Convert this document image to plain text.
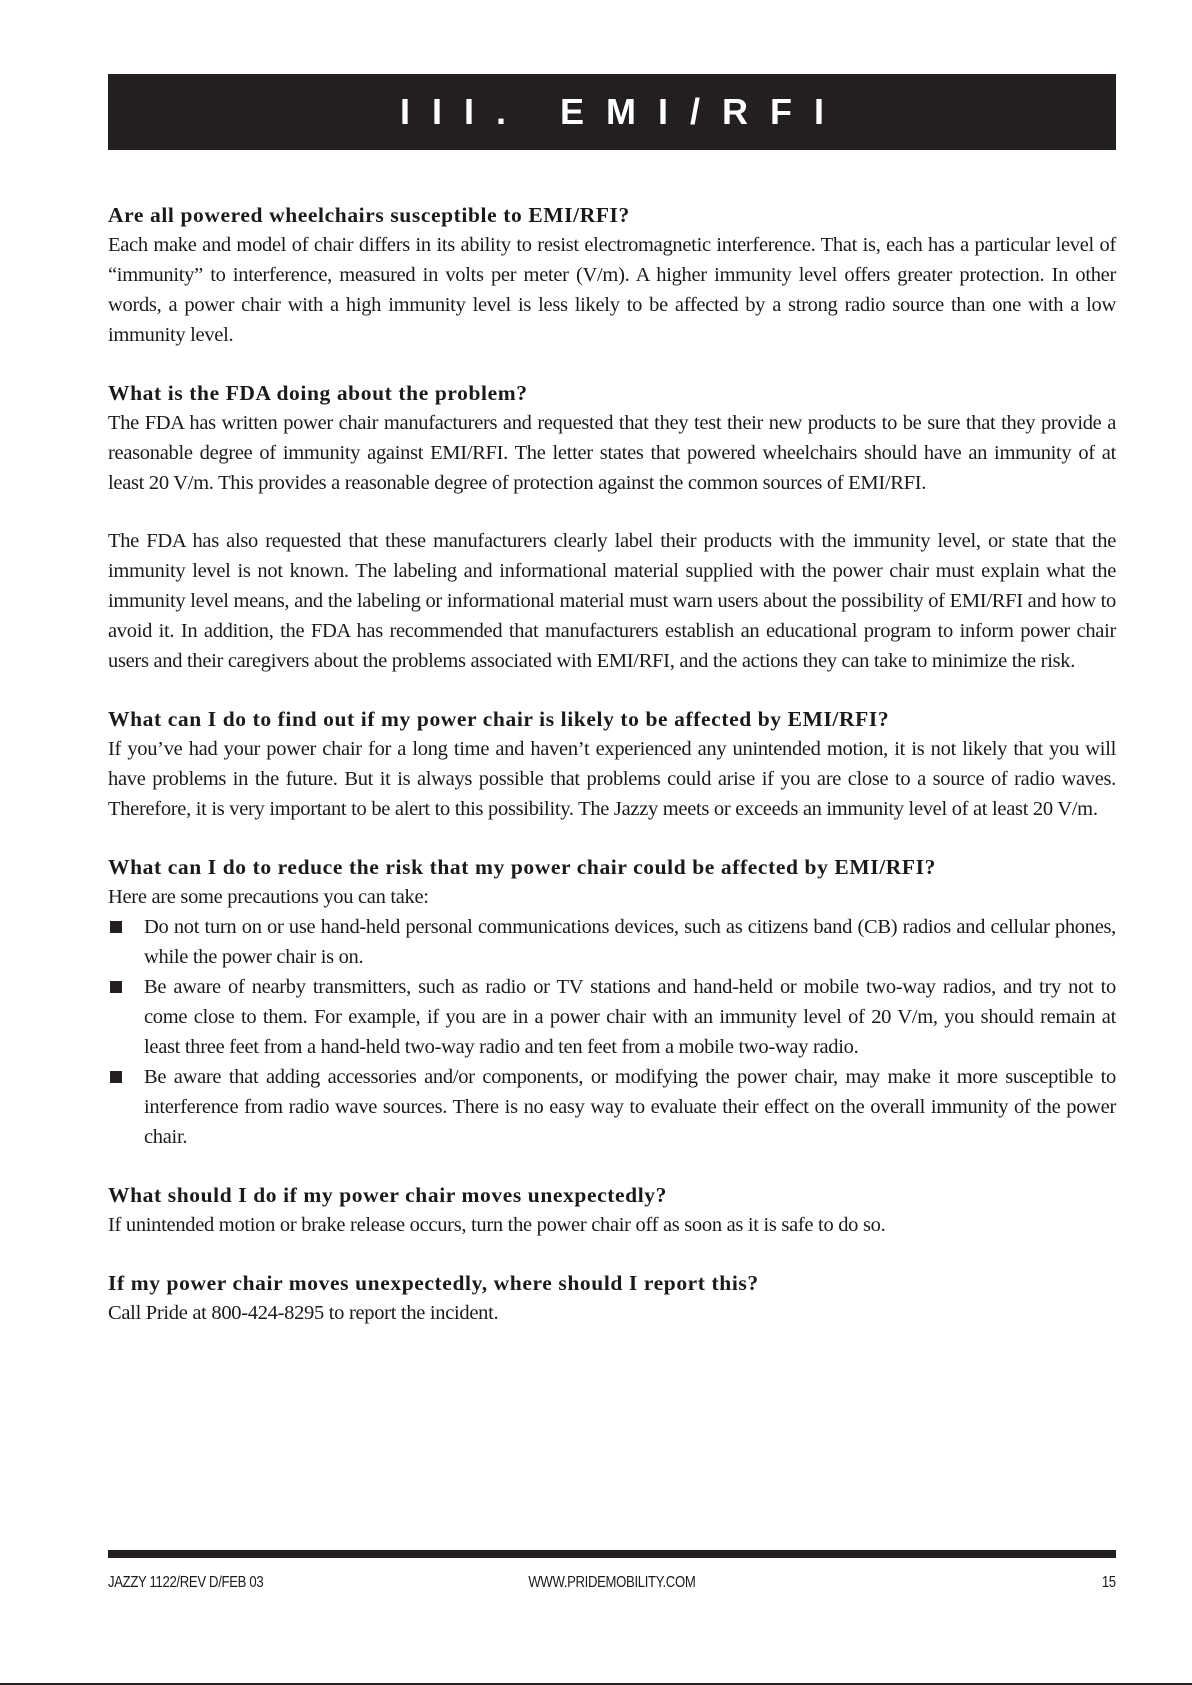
III. EMI/RFI

Are all powered wheelchairs susceptible to EMI/RFI?

Each make and model of chair differs in its ability to resist electromagnetic interference. That is, each has a particular level of “immunity” to interference, measured in volts per meter (V/m). A higher immunity level offers greater protection. In other words, a power chair with a high immunity level is less likely to be affected by a strong radio source than one with a low immunity level.

What is the FDA doing about the problem?

The FDA has written power chair manufacturers and requested that they test their new products to be sure that they provide a reasonable degree of immunity against EMI/RFI. The letter states that powered wheelchairs should have an immunity of at least 20 V/m. This provides a reasonable degree of protection against the common sources of EMI/RFI.

The FDA has also requested that these manufacturers clearly label their products with the immunity level, or state that the immunity level is not known. The labeling and informational material supplied with the power chair must explain what the immunity level means, and the labeling or informational material must warn users about the possibility of EMI/RFI and how to avoid it. In addition, the FDA has recommended that manufacturers establish an educational program to inform power chair users and their caregivers about the problems associated with EMI/RFI, and the actions they can take to minimize the risk.

What can I do to find out if my power chair is likely to be affected by EMI/RFI?

If you’ve had your power chair for a long time and haven’t experienced any unintended motion, it is not likely that you will have problems in the future. But it is always possible that problems could arise if you are close to a source of radio waves. Therefore, it is very important to be alert to this possibility. The Jazzy meets or exceeds an immunity level of at least 20 V/m.

What can I do to reduce the risk that my power chair could be affected by EMI/RFI?

Here are some precautions you can take:

Do not turn on or use hand-held personal communications devices, such as citizens band (CB) radios and cellular phones, while the power chair is on.
Be aware of nearby transmitters, such as radio or TV stations and hand-held or mobile two-way radios, and try not to come close to them. For example, if you are in a power chair with an immunity level of 20 V/m, you should remain at least three feet from a hand-held two-way radio and ten feet from a mobile two-way radio.
Be aware that adding accessories and/or components, or modifying the power chair, may make it more susceptible to interference from radio wave sources. There is no easy way to evaluate their effect on the overall immunity of the power chair.

What should I do if my power chair moves unexpectedly?

If unintended motion or brake release occurs, turn the power chair off as soon as it is safe to do so.

If my power chair moves unexpectedly, where should I report this?

Call Pride at 800-424-8295 to report the incident.

JAZZY 1122/REV D/FEB 03	WWW.PRIDEMOBILITY.COM	15
